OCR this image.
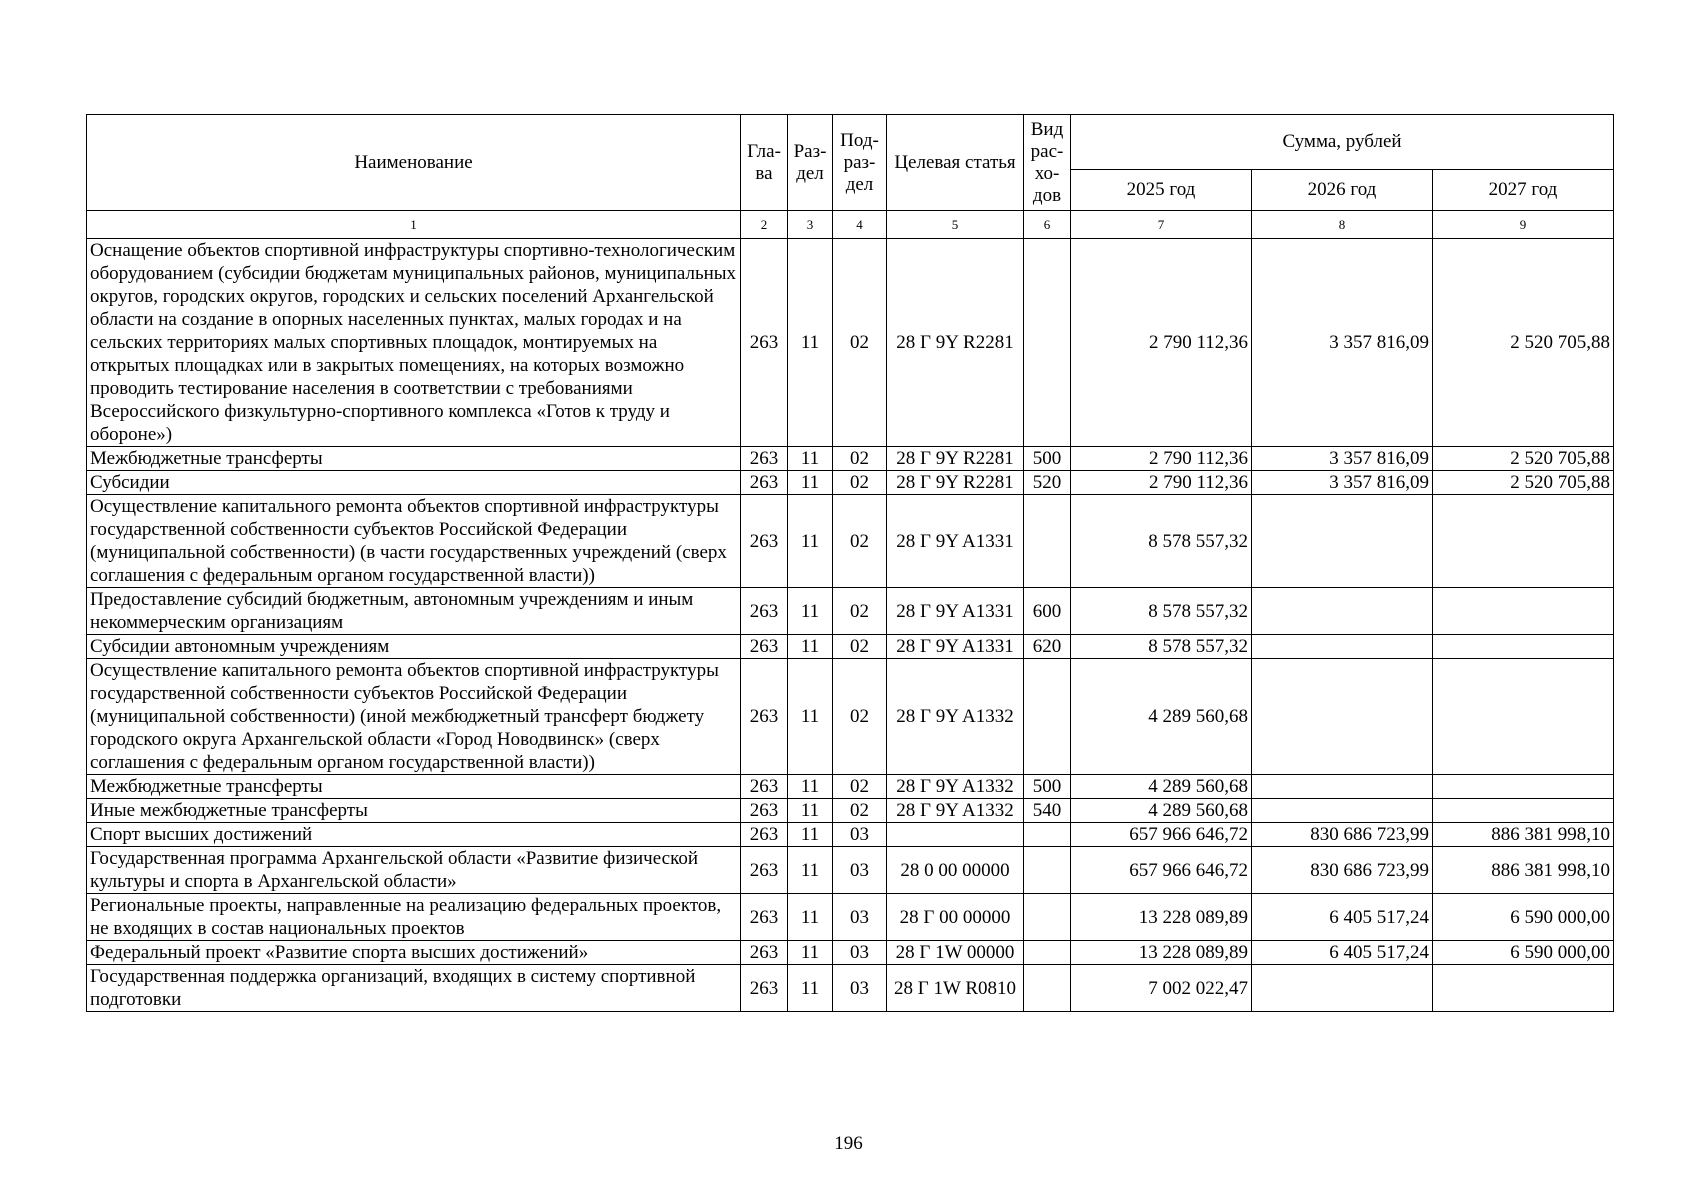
Наименование	Гла-ва	Раз-дел	Под-раз-дел	Целевая статья	Вид рас-хо-дов	Сумма, рублей		
						2025 год	2026 год	2027 год
1	2	3	4	5	6	7	8	9
Оснащение объектов спортивной инфраструктуры спортивно-технологическим оборудованием (субсидии бюджетам муниципальных районов, муниципальных округов, городских округов, городских и сельских поселений Архангельской области на создание в опорных населенных пунктах, малых городах и на сельских территориях малых спортивных площадок, монтируемых на открытых площадках или в закрытых помещениях, на которых возможно проводить тестирование населения в соответствии с требованиями Всероссийского физкультурно-спортивного комплекса «Готов к труду и обороне»)	263	11	02	28 Г 9Y R2281		2 790 112,36	3 357 816,09	2 520 705,88
Межбюджетные трансферты	263	11	02	28 Г 9Y R2281	500	2 790 112,36	3 357 816,09	2 520 705,88
Субсидии	263	11	02	28 Г 9Y R2281	520	2 790 112,36	3 357 816,09	2 520 705,88
Осуществление капитального ремонта объектов спортивной инфраструктуры государственной собственности субъектов Российской Федерации (муниципальной собственности) (в части государственных учреждений (сверх соглашения с федеральным органом государственной власти))	263	11	02	28 Г 9Y A1331		8 578 557,32		
Предоставление субсидий бюджетным, автономным учреждениям и иным некоммерческим организациям	263	11	02	28 Г 9Y A1331	600	8 578 557,32		
Субсидии автономным учреждениям	263	11	02	28 Г 9Y A1331	620	8 578 557,32		
Осуществление капитального ремонта объектов спортивной инфраструктуры государственной собственности субъектов Российской Федерации (муниципальной собственности) (иной межбюджетный трансферт бюджету городского округа Архангельской области «Город Новодвинск» (сверх соглашения с федеральным органом государственной власти))	263	11	02	28 Г 9Y A1332		4 289 560,68		
Межбюджетные трансферты	263	11	02	28 Г 9Y A1332	500	4 289 560,68		
Иные межбюджетные трансферты	263	11	02	28 Г 9Y A1332	540	4 289 560,68		
Спорт высших достижений	263	11	03			657 966 646,72	830 686 723,99	886 381 998,10
Государственная программа Архангельской области «Развитие физической культуры и спорта в Архангельской области»	263	11	03	28 0 00 00000		657 966 646,72	830 686 723,99	886 381 998,10
Региональные проекты, направленные на реализацию федеральных проектов, не входящих в состав национальных проектов	263	11	03	28 Г 00 00000		13 228 089,89	6 405 517,24	6 590 000,00
Федеральный проект «Развитие спорта высших достижений»	263	11	03	28 Г 1W 00000		13 228 089,89	6 405 517,24	6 590 000,00
Государственная поддержка организаций, входящих в систему спортивной подготовки	263	11	03	28 Г 1W R0810		7 002 022,47		
196
